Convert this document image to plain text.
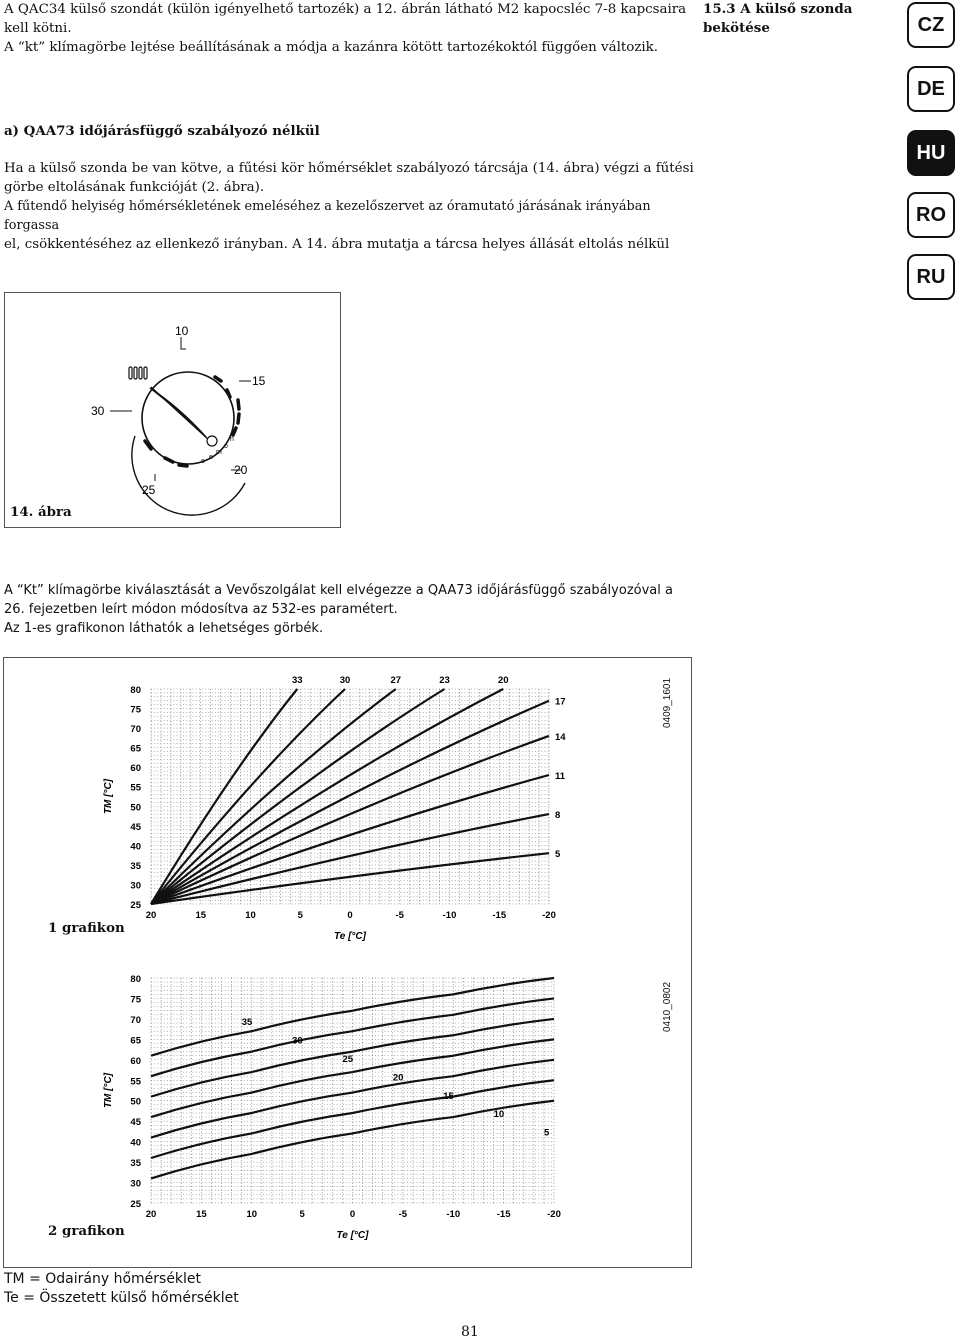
A QAC34 külső szondát (külön igényelhető tartozék) a 12. ábrán látható M2 kapocsléc 7-8 kapcsaira
kell kötni.
A “kt” klímagörbe lejtése beállításának a módja a kazánra kötött tartozékoktól függően változik.
15.3 A külső szonda
bekötése	CZ
DE
HU
RO
RU
a) QAA73 időjárásfüggő szabályozó nélkül
Ha a külső szonda be van kötve, a fűtési kör hőmérséklet szabályozó tárcsája (14. ábra) végzi a fűtési
görbe eltolásának funkcióját (2. ábra).
A fűtendő helyiség hőmérsékletének emeléséhez a kezelőszervet az óramutató járásának irányában forgassa
el, csökkentéséhez az ellenkező irányban. A 14. ábra mutatja a tárcsa helyes állását eltolás nélkül
o
e
m
o
n
i
10
15
20
25
30
14. ábra
A “Kt” klímagörbe kiválasztását a Vevőszolgálat kell elvégezze a QAA73 időjárásfüggő szabályozóval a
26. fejezetben leírt módon módosítva az 532-es paramétert.
Az 1-es grafikonon láthatók a lehetséges görbék.
25
30
35
40
45
50
55
60
65
70
75
80
20	15	10	5	0	-5	-10	-15	-20
Te [°C]
TM [°C]
33	30	27	23	20
17
14
11
8
5
25
30
35
40
45
50
55
60
65
70
75
80
20	15	10	5	0	-5	-10	-15	-20
Te [°C]
TM [°C]
35
30
25
20
15
10
5
1 grafikon
2 grafikon
0409_1601
0410_0802
TM = Odairány hőmérséklet
Te = Összetett külső hőmérséklet
81
